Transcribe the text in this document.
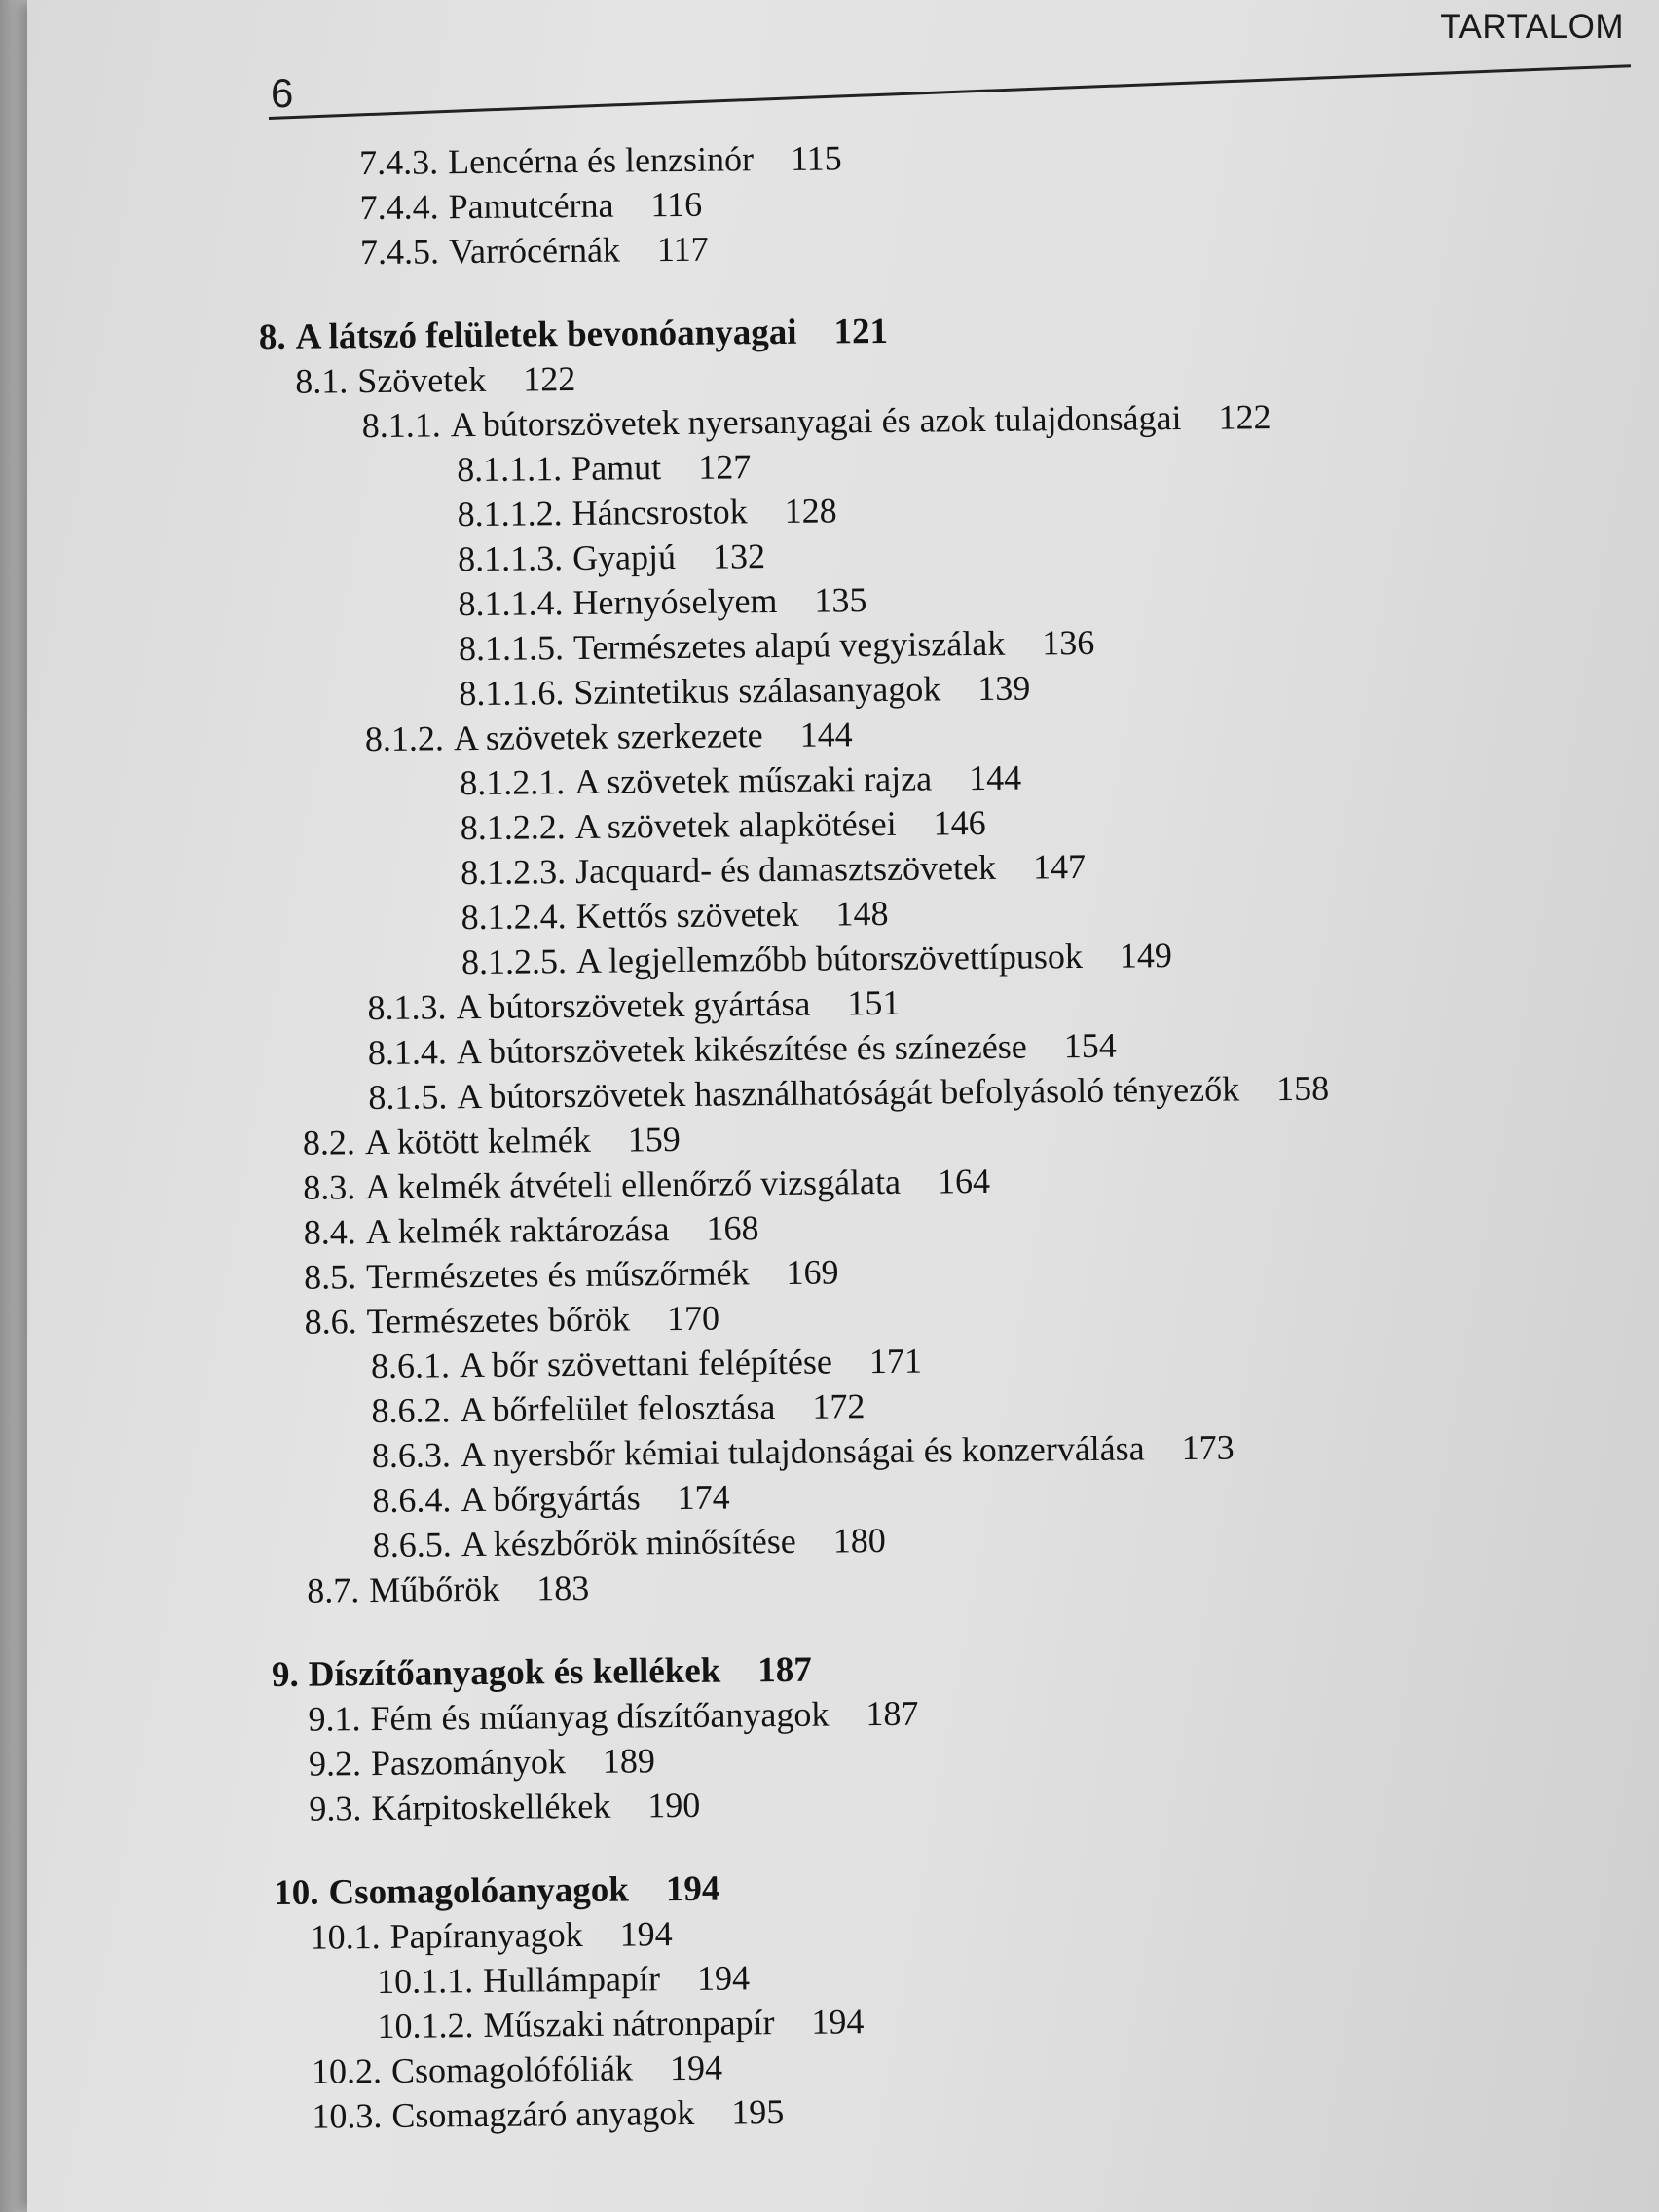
TARTALOM
6
7.4.3. Lencérna és lenzsinór 115
7.4.4. Pamutcérna 116
7.4.5. Varrócérnák 117
8. A látszó felületek bevonóanyagai 121
8.1. Szövetek 122
8.1.1. A bútorszövetek nyersanyagai és azok tulajdonságai 122
8.1.1.1. Pamut 127
8.1.1.2. Háncsrostok 128
8.1.1.3. Gyapjú 132
8.1.1.4. Hernyóselyem 135
8.1.1.5. Természetes alapú vegyiszálak 136
8.1.1.6. Szintetikus szálasanyagok 139
8.1.2. A szövetek szerkezete 144
8.1.2.1. A szövetek műszaki rajza 144
8.1.2.2. A szövetek alapkötései 146
8.1.2.3. Jacquard- és damasztszövetek 147
8.1.2.4. Kettős szövetek 148
8.1.2.5. A legjellemzőbb bútorszövettípusok 149
8.1.3. A bútorszövetek gyártása 151
8.1.4. A bútorszövetek kikészítése és színezése 154
8.1.5. A bútorszövetek használhatóságát befolyásoló tényezők 158
8.2. A kötött kelmék 159
8.3. A kelmék átvételi ellenőrző vizsgálata 164
8.4. A kelmék raktározása 168
8.5. Természetes és műszőrmék 169
8.6. Természetes bőrök 170
8.6.1. A bőr szövettani felépítése 171
8.6.2. A bőrfelület felosztása 172
8.6.3. A nyersbőr kémiai tulajdonságai és konzerválása 173
8.6.4. A bőrgyártás 174
8.6.5. A készbőrök minősítése 180
8.7. Műbőrök 183
9. Díszítőanyagok és kellékek 187
9.1. Fém és műanyag díszítőanyagok 187
9.2. Paszományok 189
9.3. Kárpitoskellékek 190
10. Csomagolóanyagok 194
10.1. Papíranyagok 194
10.1.1. Hullámpapír 194
10.1.2. Műszaki nátronpapír 194
10.2. Csomagolófóliák 194
10.3. Csomagzáró anyagok 195
